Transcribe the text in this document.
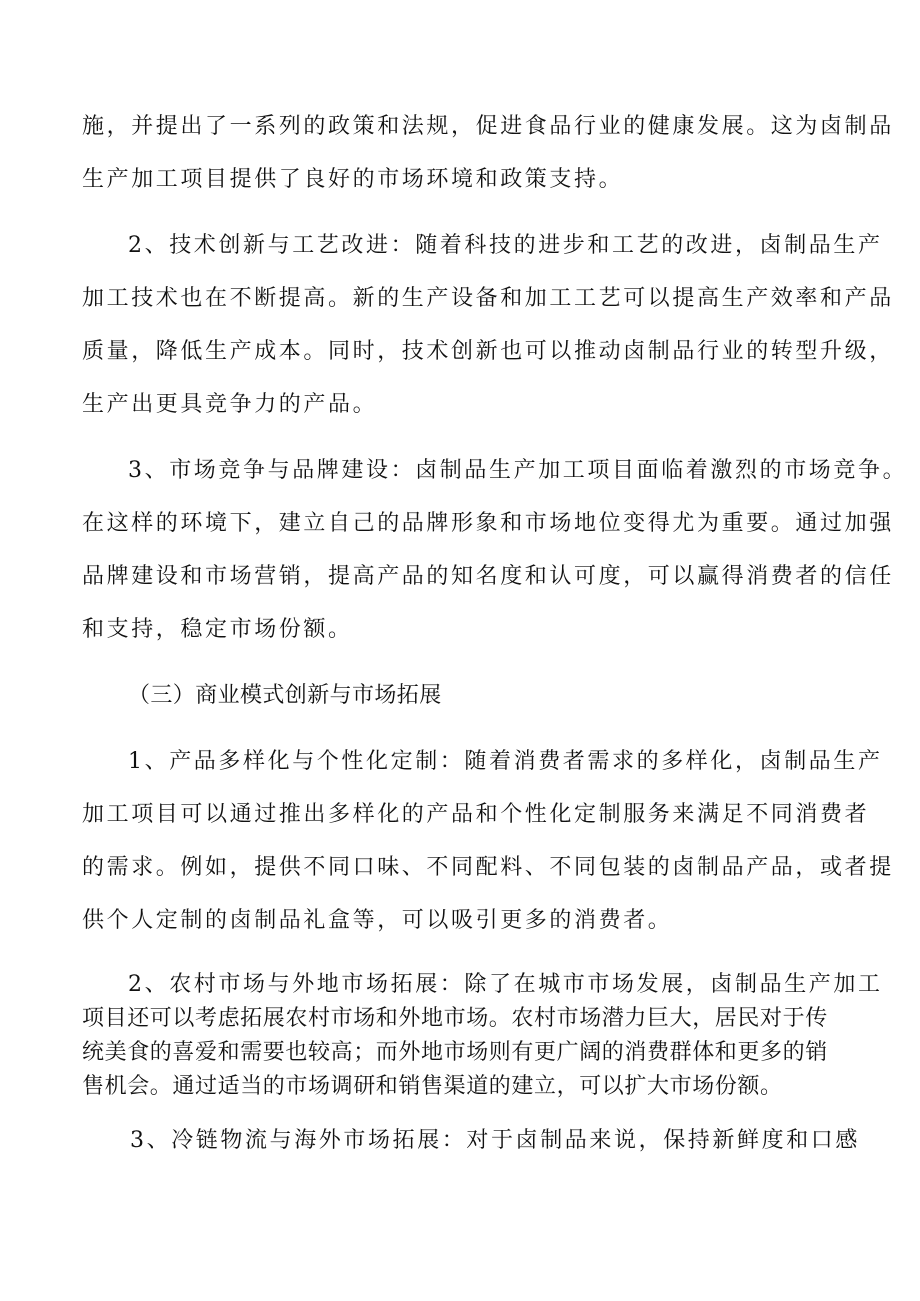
施，并提出了一系列的政策和法规，促进食品行业的健康发展。这为卤制品
生产加工项目提供了良好的市场环境和政策支持。
2、技术创新与工艺改进：随着科技的进步和工艺的改进，卤制品生产
加工技术也在不断提高。新的生产设备和加工工艺可以提高生产效率和产品
质量，降低生产成本。同时，技术创新也可以推动卤制品行业的转型升级，
生产出更具竞争力的产品。
3、市场竞争与品牌建设：卤制品生产加工项目面临着激烈的市场竞争。
在这样的环境下，建立自己的品牌形象和市场地位变得尤为重要。通过加强
品牌建设和市场营销，提高产品的知名度和认可度，可以赢得消费者的信任
和支持，稳定市场份额。
（三）商业模式创新与市场拓展
1、产品多样化与个性化定制：随着消费者需求的多样化，卤制品生产
加工项目可以通过推出多样化的产品和个性化定制服务来满足不同消费者
的需求。例如，提供不同口味、不同配料、不同包装的卤制品产品，或者提
供个人定制的卤制品礼盒等，可以吸引更多的消费者。
2、农村市场与外地市场拓展：除了在城市市场发展，卤制品生产加工
项目还可以考虑拓展农村市场和外地市场。农村市场潜力巨大，居民对于传
统美食的喜爱和需要也较高；而外地市场则有更广阔的消费群体和更多的销
售机会。通过适当的市场调研和销售渠道的建立，可以扩大市场份额。
3、冷链物流与海外市场拓展：对于卤制品来说，保持新鲜度和口感
